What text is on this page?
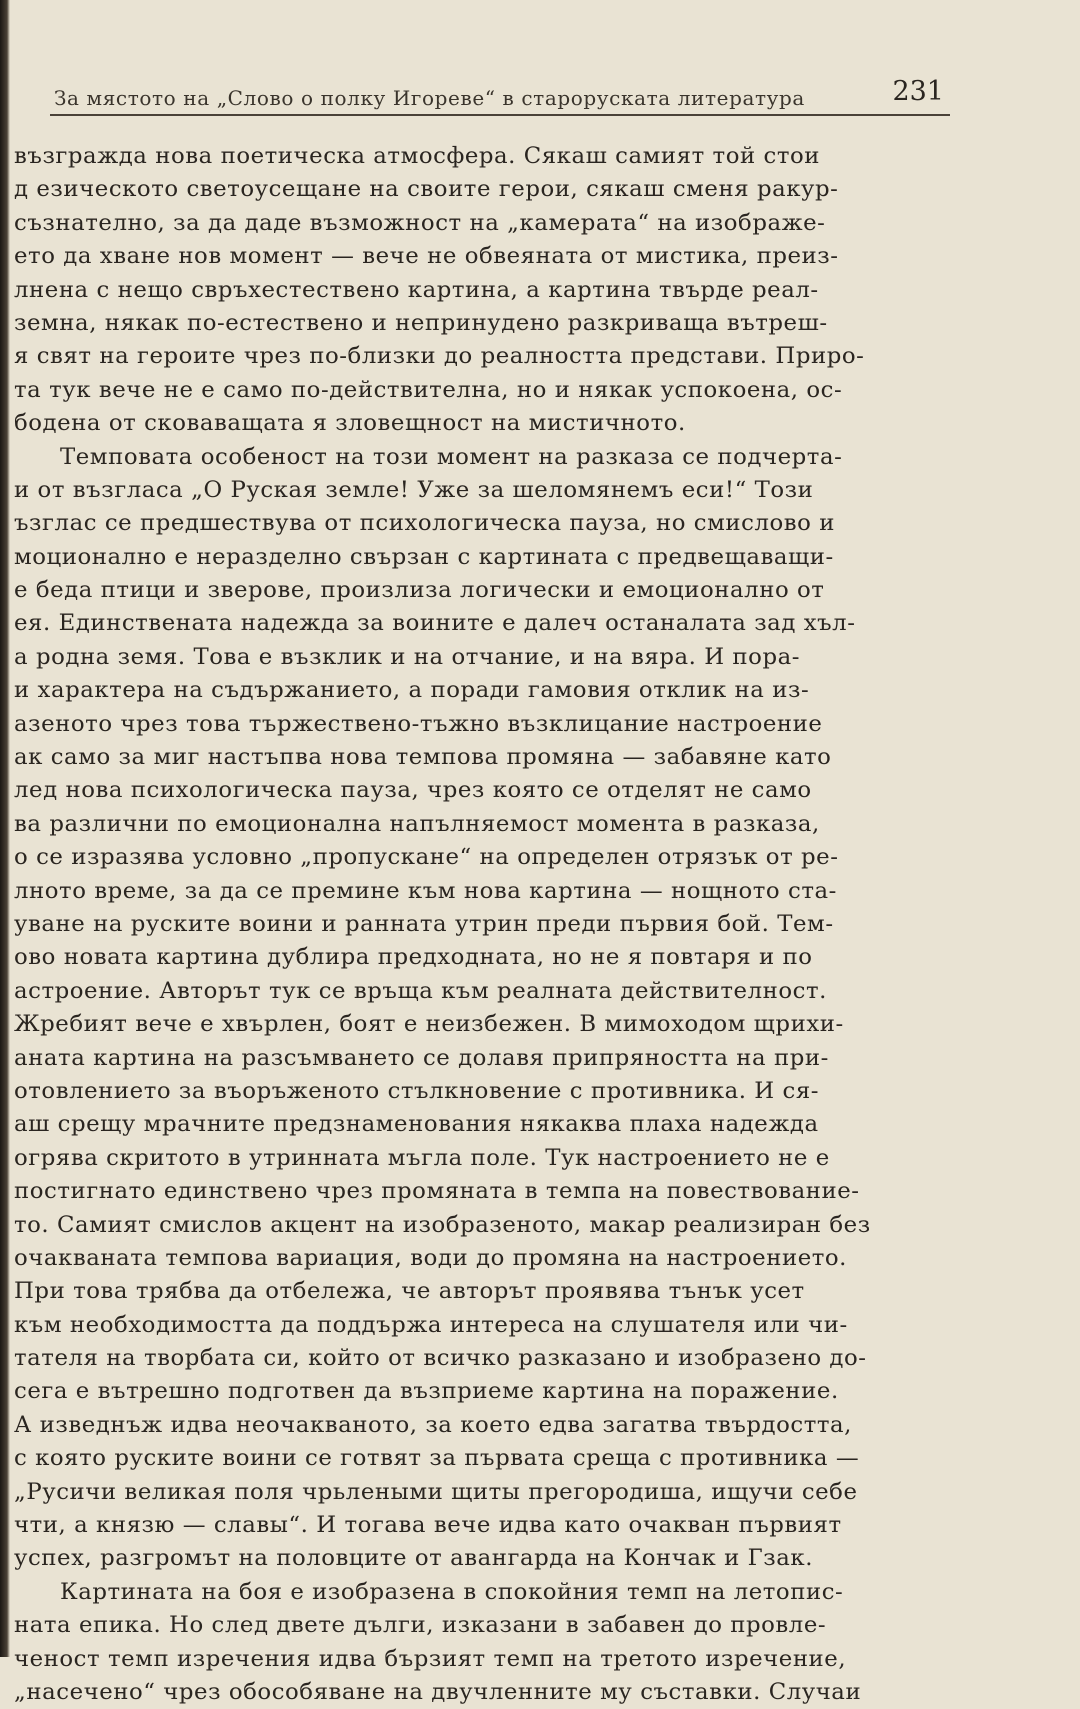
За мястото на „Слово о полку Игореве“ в староруската литература	231
възгражда нова поетическа атмосфера. Сякаш самият той стои
д езическото светоусещане на своите герои, сякаш сменя ракур-
съзнателно, за да даде възможност на „камерата“ на изображе-
ето да хване нов момент — вече не обвеяната от мистика, преиз-
лнена с нещо свръхестествено картина, а картина твърде реал-
земна, някак по-естествено и непринудено разкриваща вътреш-
я свят на героите чрез по-близки до реалността представи. Приро-
та тук вече не е само по-действителна, но и някак успокоена, ос-
бодена от сковаващата я зловещност на мистичното.
Темповата особеност на този момент на разказа се подчерта-
и от възгласа „О Руская земле! Уже за шеломянемъ еси!“ Този
ъзглас се предшествува от психологическа пауза, но смислово и
моционално е неразделно свързан с картината с предвещаващи-
е беда птици и зверове, произлиза логически и емоционално от
ея. Единствената надежда за воините е далеч останалата зад хъл-
а родна земя. Това е възклик и на отчание, и на вяра. И пора-
и характера на съдържанието, а поради гамовия отклик на из-
азеното чрез това тържествено-тъжно възклицание настроение
ак само за миг настъпва нова темпова промяна — забавяне като
лед нова психологическа пауза, чрез която се отделят не само
ва различни по емоционална напълняемост момента в разказа,
о се изразява условно „пропускане“ на определен отрязък от ре-
лното време, за да се премине към нова картина — нощното ста-
уване на руските воини и ранната утрин преди първия бой. Тем-
ово новата картина дублира предходната, но не я повтаря и по
астроение. Авторът тук се връща към реалната действителност.
Жребият вече е хвърлен, боят е неизбежен. В мимоходом щрихи-
аната картина на разсъмването се долавя припряността на при-
отовлението за въоръженото стълкновение с противника. И ся-
аш срещу мрачните предзнаменования някаква плаха надежда
огрява скритото в утринната мъгла поле. Тук настроението не е
постигнато единствено чрез промяната в темпа на повествование-
то. Самият смислов акцент на изобразеното, макар реализиран без
очакваната темпова вариация, води до промяна на настроението.
При това трябва да отбележа, че авторът проявява тънък усет
към необходимостта да поддържа интереса на слушателя или чи-
тателя на творбата си, който от всичко разказано и изобразено до-
сега е вътрешно подготвен да възприеме картина на поражение.
А изведнъж идва неочакваното, за което едва загатва твърдостта,
с която руските воини се готвят за първата среща с противника —
„Русичи великая поля чрьлеными щиты прегородиша, ищучи себе
чти, а князю — славы“. И тогава вече идва като очакван първият
успех, разгромът на половците от авангарда на Кончак и Гзак.
Картината на боя е изобразена в спокойния темп на летопис-
ната епика. Но след двете дълги, изказани в забавен до провле-
ченост темп изречения идва бързият темп на третото изречение,
„насечено“ чрез обособяване на двучленните му съставки. Случаи
